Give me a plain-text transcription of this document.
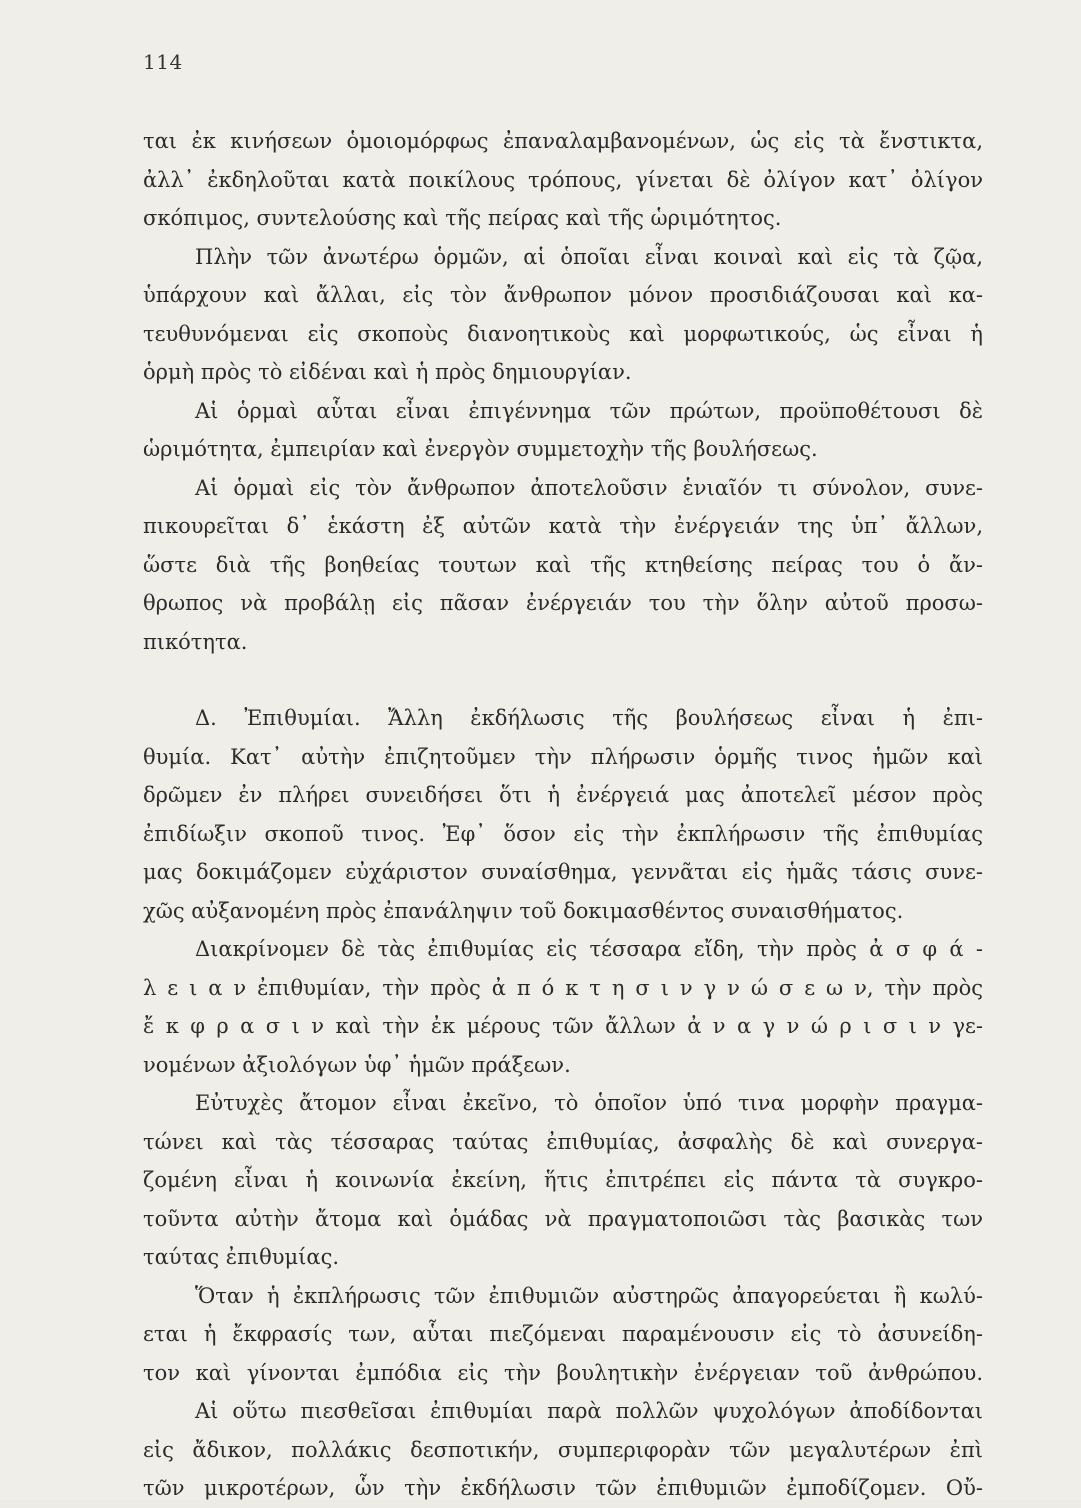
114
ται ἐκ κινήσεων ὁμοιομόρφως ἐπαναλαμβανομένων, ὡς εἰς τὰ ἔνστικτα,
ἀλλ᾽ ἐκδηλοῦται κατὰ ποικίλους τρόπους, γίνεται δὲ ὀλίγον κατ᾽ ὀλίγον
σκόπιμος, συντελούσης καὶ τῆς πείρας καὶ τῆς ὡριμότητος.
Πλὴν τῶν ἀνωτέρω ὁρμῶν, αἱ ὁποῖαι εἶναι κοιναὶ καὶ εἰς τὰ ζῷα,
ὑπάρχουν καὶ ἄλλαι, εἰς τὸν ἄνθρωπον μόνον προσιδιάζουσαι καὶ κα-
τευθυνόμεναι εἰς σκοποὺς διανοητικοὺς καὶ μορφωτικούς, ὡς εἶναι ἡ
ὁρμὴ πρὸς τὸ εἰδέναι καὶ ἡ πρὸς δημιουργίαν.
Αἱ ὁρμαὶ αὗται εἶναι ἐπιγέννημα τῶν πρώτων, προϋποθέτουσι δὲ
ὡριμότητα, ἐμπειρίαν καὶ ἐνεργὸν συμμετοχὴν τῆς βουλήσεως.
Αἱ ὁρμαὶ εἰς τὸν ἄνθρωπον ἀποτελοῦσιν ἑνιαῖόν τι σύνολον, συνε-
πικουρεῖται δ᾽ ἑκάστη ἐξ αὐτῶν κατὰ τὴν ἐνέργειάν της ὑπ᾽ ἄλλων,
ὥστε διὰ τῆς βοηθείας τουτων καὶ τῆς κτηθείσης πείρας του ὁ ἄν-
θρωπος νὰ προβάλῃ εἰς πᾶσαν ἐνέργειάν του τὴν ὅλην αὐτοῦ προσω-
πικότητα.
Δ. Ἐπιθυμίαι. Ἄλλη ἐκδήλωσις τῆς βουλήσεως εἶναι ἡ ἐπι-
θυμία. Κατ᾽ αὐτὴν ἐπιζητοῦμεν τὴν πλήρωσιν ὁρμῆς τινος ἡμῶν καὶ
δρῶμεν ἐν πλήρει συνειδήσει ὅτι ἡ ἐνέργειά μας ἀποτελεῖ μέσον πρὸς
ἐπιδίωξιν σκοποῦ τινος. Ἐφ᾽ ὅσον εἰς τὴν ἐκπλήρωσιν τῆς ἐπιθυμίας
μας δοκιμάζομεν εὐχάριστον συναίσθημα, γεννᾶται εἰς ἡμᾶς τάσις συνε-
χῶς αὐξανομένη πρὸς ἐπανάληψιν τοῦ δοκιμασθέντος συναισθήματος.
Διακρίνομεν δὲ τὰς ἐπιθυμίας εἰς τέσσαρα εἴδη, τὴν πρὸς ἀ σ φ ά -
λ ε ι α ν ἐπιθυμίαν, τὴν πρὸς ἀ π ό κ τ η σ ι ν γ ν ώ σ ε ω ν, τὴν πρὸς
ἔ κ φ ρ α σ ι ν καὶ τὴν ἐκ μέρους τῶν ἄλλων ἀ ν α γ ν ώ ρ ι σ ι ν γε-
νομένων ἀξιολόγων ὑφ᾽ ἡμῶν πράξεων.
Εὐτυχὲς ἄτομον εἶναι ἐκεῖνο, τὸ ὁποῖον ὑπό τινα μορφὴν πραγμα-
τώνει καὶ τὰς τέσσαρας ταύτας ἐπιθυμίας, ἀσφαλὴς δὲ καὶ συνεργα-
ζομένη εἶναι ἡ κοινωνία ἐκείνη, ἥτις ἐπιτρέπει εἰς πάντα τὰ συγκρο-
τοῦντα αὐτὴν ἄτομα καὶ ὁμάδας νὰ πραγματοποιῶσι τὰς βασικὰς των
ταύτας ἐπιθυμίας.
Ὅταν ἡ ἐκπλήρωσις τῶν ἐπιθυμιῶν αὐστηρῶς ἀπαγορεύεται ἢ κωλύ-
εται ἡ ἔκφρασίς των, αὗται πιεζόμεναι παραμένουσιν εἰς τὸ ἀσυνείδη-
τον καὶ γίνονται ἐμπόδια εἰς τὴν βουλητικὴν ἐνέργειαν τοῦ ἀνθρώπου.
Αἱ οὕτω πιεσθεῖσαι ἐπιθυμίαι παρὰ πολλῶν ψυχολόγων ἀποδίδονται
εἰς ἄδικον, πολλάκις δεσποτικήν, συμπεριφορὰν τῶν μεγαλυτέρων ἐπὶ
τῶν μικροτέρων, ὧν τὴν ἐκδήλωσιν τῶν ἐπιθυμιῶν ἐμποδίζομεν. Οὔ-
